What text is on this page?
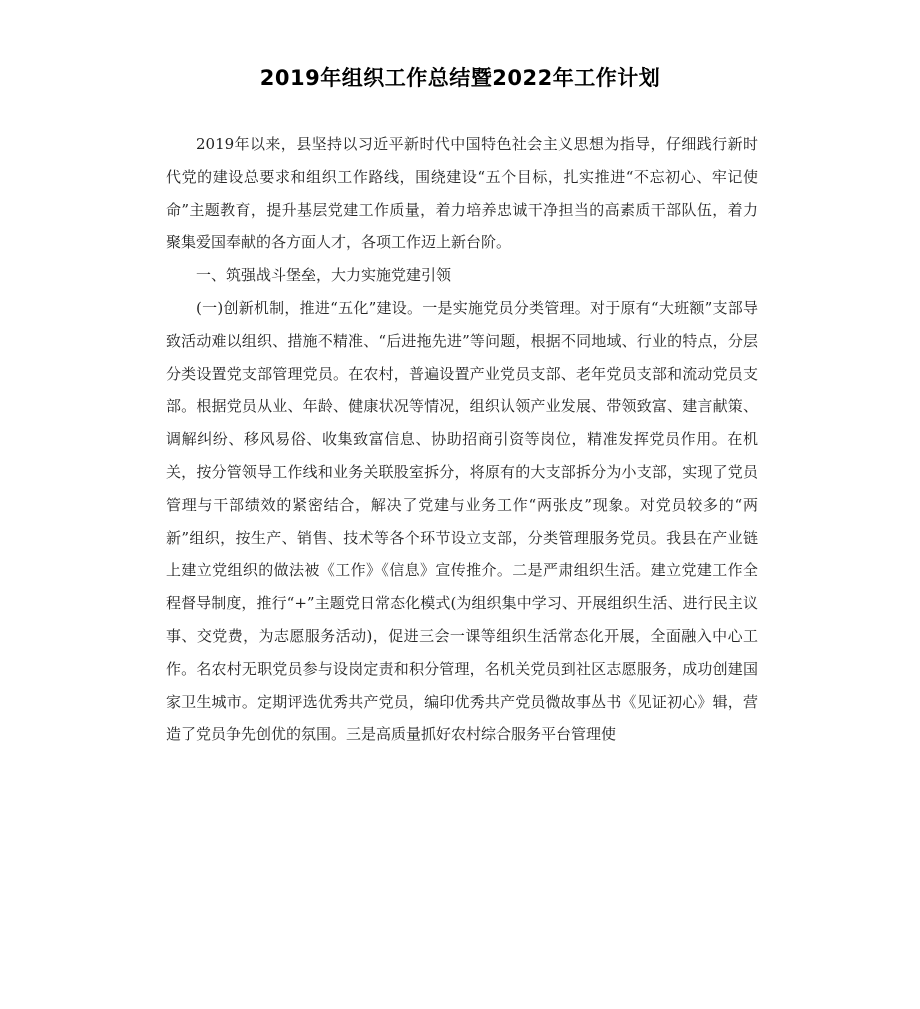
2019年组织工作总结暨2022年工作计划

2019年以来，县坚持以习近平新时代中国特色社会主义思想为指导，仔细践行新时代党的建设总要求和组织工作路线，围绕建设“五个目标，扎实推进“不忘初心、牢记使命”主题教育，提升基层党建工作质量，着力培养忠诚干净担当的高素质干部队伍，着力聚集爱国奉献的各方面人才，各项工作迈上新台阶。

一、筑强战斗堡垒，大力实施党建引领

(一)创新机制，推进“五化”建设。一是实施党员分类管理。对于原有“大班额”支部导致活动难以组织、措施不精准、“后进拖先进”等问题，根据不同地域、行业的特点，分层分类设置党支部管理党员。在农村，普遍设置产业党员支部、老年党员支部和流动党员支部。根据党员从业、年龄、健康状况等情况，组织认领产业发展、带领致富、建言献策、调解纠纷、移风易俗、收集致富信息、协助招商引资等岗位，精准发挥党员作用。在机关，按分管领导工作线和业务关联股室拆分，将原有的大支部拆分为小支部，实现了党员管理与干部绩效的紧密结合，解决了党建与业务工作“两张皮”现象。对党员较多的“两新”组织，按生产、销售、技术等各个环节设立支部，分类管理服务党员。我县在产业链上建立党组织的做法被《工作》《信息》宣传推介。二是严肃组织生活。建立党建工作全程督导制度，推行“+”主题党日常态化模式(为组织集中学习、开展组织生活、进行民主议事、交党费，为志愿服务活动)，促进三会一课等组织生活常态化开展，全面融入中心工作。名农村无职党员参与设岗定责和积分管理，名机关党员到社区志愿服务，成功创建国家卫生城市。定期评选优秀共产党员，编印优秀共产党员微故事丛书《见证初心》辑，营造了党员争先创优的氛围。三是高质量抓好农村综合服务平台管理使
